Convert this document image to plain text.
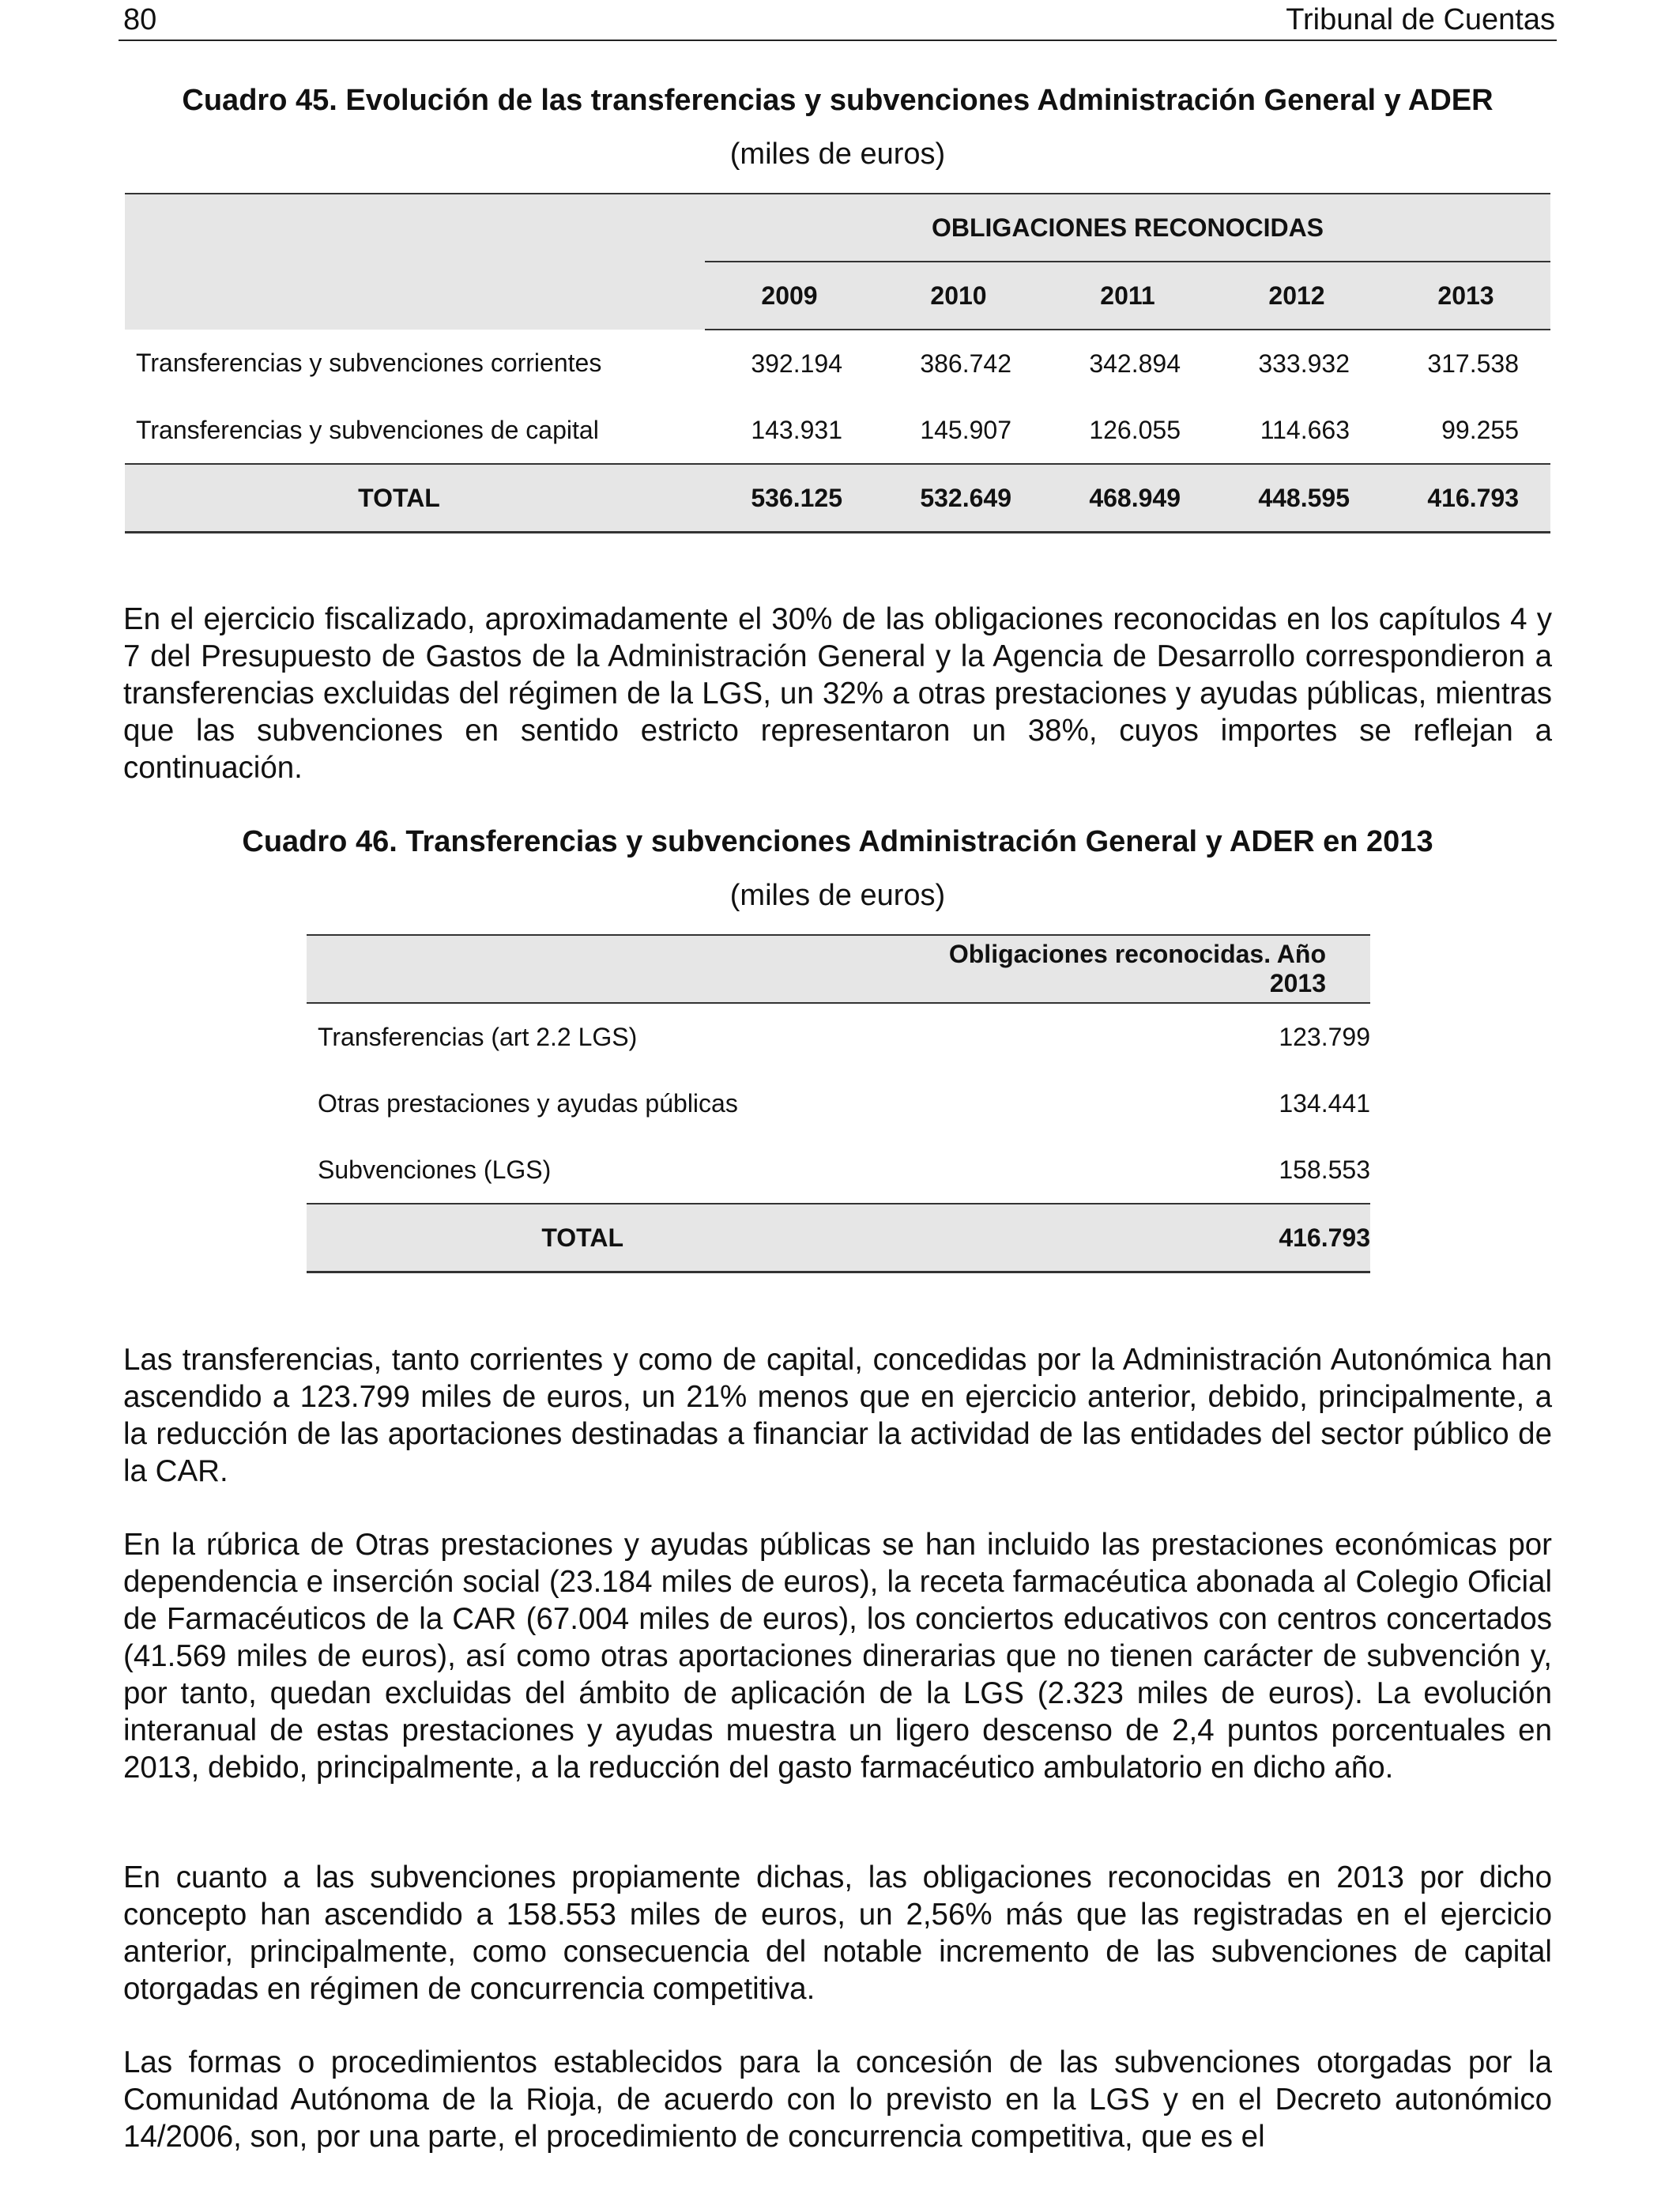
80	Tribunal de Cuentas
Cuadro 45. Evolución de las transferencias y subvenciones Administración General y ADER
(miles de euros)
	OBLIGACIONES RECONOCIDAS				
	2009	2010	2011	2012	2013
Transferencias y subvenciones corrientes	392.194	386.742	342.894	333.932	317.538
Transferencias y subvenciones de capital	143.931	145.907	126.055	114.663	99.255
TOTAL	536.125	532.649	468.949	448.595	416.793
En el ejercicio fiscalizado, aproximadamente el 30% de las obligaciones reconocidas en los capítulos 4 y 7 del Presupuesto de Gastos de la Administración General y la Agencia de Desarrollo correspondieron a transferencias excluidas del régimen de la LGS, un 32% a otras prestaciones y ayudas públicas, mientras que las subvenciones en sentido estricto representaron un 38%, cuyos importes se reflejan a continuación.
Cuadro 46. Transferencias y subvenciones Administración General y ADER en 2013
(miles de euros)
	Obligaciones reconocidas. Año 2013
Transferencias (art 2.2 LGS)	123.799
Otras prestaciones y ayudas públicas	134.441
Subvenciones (LGS)	158.553
TOTAL	416.793
Las transferencias, tanto corrientes y como de capital, concedidas por la Administración Autonómica han ascendido a 123.799 miles de euros, un 21% menos que en ejercicio anterior, debido, principalmente, a la reducción de las aportaciones destinadas a financiar la actividad de las entidades del sector público de la CAR.
En la rúbrica de Otras prestaciones y ayudas públicas se han incluido las prestaciones económicas por dependencia e inserción social (23.184 miles de euros), la receta farmacéutica abonada al Colegio Oficial de Farmacéuticos de la CAR (67.004 miles de euros), los conciertos educativos con centros concertados (41.569 miles de euros), así como otras aportaciones dinerarias que no tienen carácter de subvención y, por tanto, quedan excluidas del ámbito de aplicación de la LGS (2.323 miles de euros). La evolución interanual de estas prestaciones y ayudas muestra un ligero descenso de 2,4 puntos porcentuales en 2013, debido, principalmente, a la reducción del gasto farmacéutico ambulatorio en dicho año.
En cuanto a las subvenciones propiamente dichas, las obligaciones reconocidas en 2013 por dicho concepto han ascendido a 158.553 miles de euros, un 2,56% más que las registradas en el ejercicio anterior, principalmente, como consecuencia del notable incremento de las subvenciones de capital otorgadas en régimen de concurrencia competitiva.
Las formas o procedimientos establecidos para la concesión de las subvenciones otorgadas por la Comunidad Autónoma de la Rioja, de acuerdo con lo previsto en la LGS y en el Decreto autonómico 14/2006, son, por una parte, el procedimiento de concurrencia competitiva, que es el
